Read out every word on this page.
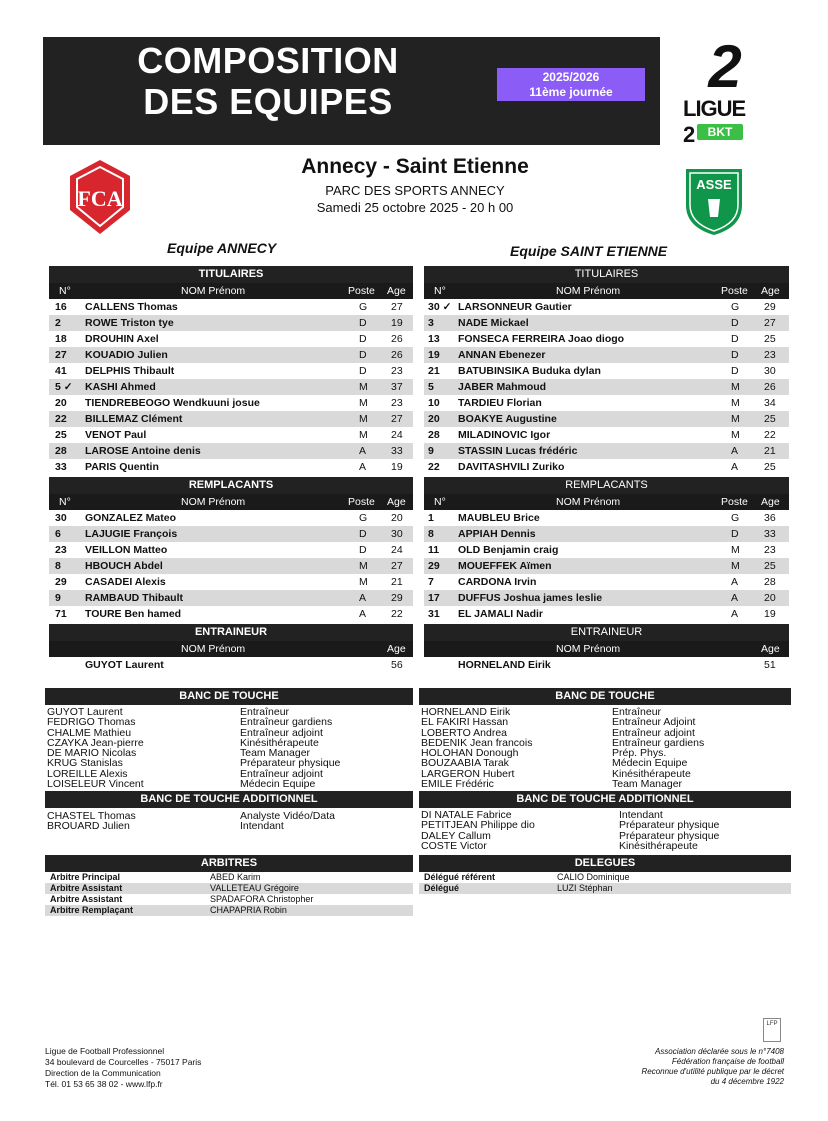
COMPOSITION
DES EQUIPES
2025/2026
11ème journée	2
LIGUE 2	BKT
FCA
ASSE
Annecy - Saint Etienne
PARC DES SPORTS ANNECY
Samedi 25 octobre 2025 - 20 h 00
Equipe ANNECY
TITULAIRES
N°	NOM Prénom	Poste Age
16 CALLENS Thomas	G 27
2 ROWE Triston tye	D 19
18 DROUHIN Axel	D 26
27 KOUADIO Julien	D 26
41 DELPHIS Thibault	D 23
5 ✓ KASHI Ahmed	M 37
20 TIENDREBEOGO Wendkuuni josue	M 23
22 BILLEMAZ Clément	M 27
25 VENOT Paul	M 24
28 LAROSE Antoine denis	A 33
33 PARIS Quentin	A 19
REMPLACANTS
N°	NOM Prénom	Poste Age
30 GONZALEZ Mateo	G 20
6 LAJUGIE François	D 30
23 VEILLON Matteo	D 24
8 HBOUCH Abdel	M 27
29 CASADEI Alexis	M 21
9 RAMBAUD Thibault	A 29
71 TOURE Ben hamed	A 22
ENTRAINEUR
NOM Prénom	Age
GUYOT Laurent	56
Equipe SAINT ETIENNE
TITULAIRES
N°	NOM Prénom	Poste Age
30 ✓ LARSONNEUR Gautier	G 29
3 NADE Mickael	D 27
13 FONSECA FERREIRA Joao diogo	D 25
19 ANNAN Ebenezer	D 23
21 BATUBINSIKA Buduka dylan	D 30
5 JABER Mahmoud	M 26
10 TARDIEU Florian	M 34
20 BOAKYE Augustine	M 25
28 MILADINOVIC Igor	M 22
9 STASSIN Lucas frédéric	A 21
22 DAVITASHVILI Zuriko	A 25
REMPLACANTS
N°	NOM Prénom	Poste Age
1 MAUBLEU Brice	G 36
8 APPIAH Dennis	D 33
11 OLD Benjamin craig	M 23
29 MOUEFFEK Aïmen	M 25
7 CARDONA Irvin	A 28
17 DUFFUS Joshua james leslie	A 20
31 EL JAMALI Nadir	A 19
ENTRAINEUR
NOM Prénom	Age
HORNELAND Eirik	51
BANC DE TOUCHE
GUYOT Laurent	Entraîneur
FEDRIGO Thomas	Entraîneur gardiens
CHALME Mathieu	Entraîneur adjoint
CZAYKA Jean-pierre	Kinésithérapeute
DE MARIO Nicolas	Team Manager
KRUG Stanislas	Préparateur physique
LOREILLE Alexis	Entraîneur adjoint
LOISELEUR Vincent	Médecin Equipe
BANC DE TOUCHE ADDITIONNEL
CHASTEL Thomas	Analyste Vidéo/Data
BROUARD Julien	Intendant
BANC DE TOUCHE
HORNELAND Eirik	Entraîneur
EL FAKIRI Hassan	Entraîneur Adjoint
LOBERTO Andrea	Entraîneur adjoint
BEDENIK Jean francois	Entraîneur gardiens
HOLOHAN Donough	Prép. Phys.
BOUZAABIA Tarak	Médecin Equipe
LARGERON Hubert	Kinésithérapeute
EMILE Frédéric	Team Manager
BANC DE TOUCHE ADDITIONNEL
DI NATALE Fabrice	Intendant
PETITJEAN Philippe dio	Préparateur physique
DALEY Callum	Préparateur physique
COSTE Victor	Kinésithérapeute
ARBITRES
Arbitre Principal	ABED Karim
Arbitre Assistant	VALLETEAU Grégoire
Arbitre Assistant	SPADAFORA Christopher
Arbitre Remplaçant	CHAPAPRIA Robin
DELEGUES
Délégué référent	CALIO Dominique
Délégué	LUZI Stéphan
Ligue de Football Professionnel
34 boulevard de Courcelles - 75017 Paris
Direction de la Communication
Tél. 01 53 65 38 02 - www.lfp.fr
LFP
Association déclarée sous le n°7408
Fédération française de football
Reconnue d'utilité publique par le décret
du 4 décembre 1922
